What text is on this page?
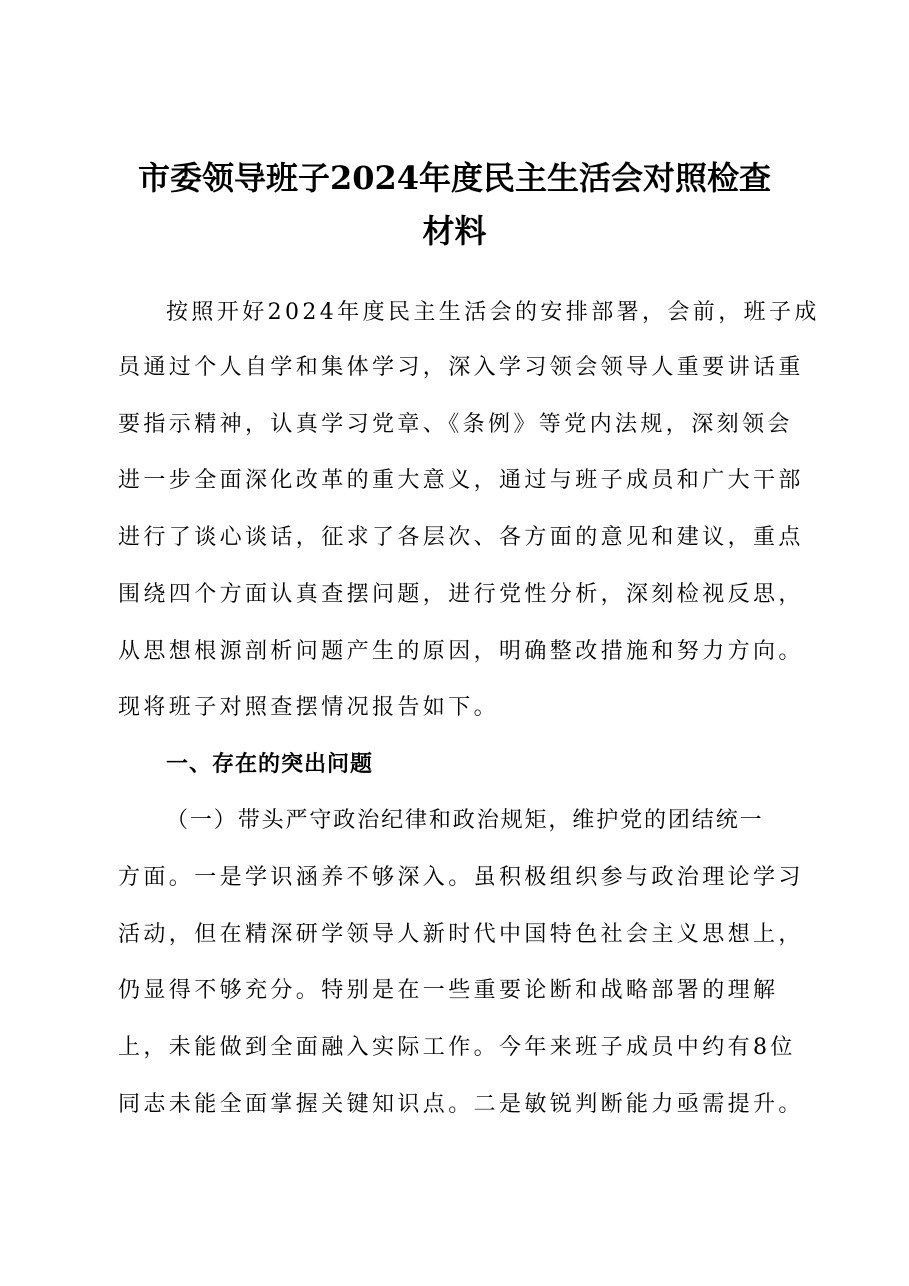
市委领导班子2024年度民主生活会对照检查
材料
按照开好2024年度民主生活会的安排部署，会前，班子成
员通过个人自学和集体学习，深入学习领会领导人重要讲话重
要指示精神，认真学习党章、《条例》等党内法规，深刻领会
进一步全面深化改革的重大意义，通过与班子成员和广大干部
进行了谈心谈话，征求了各层次、各方面的意见和建议，重点
围绕四个方面认真查摆问题，进行党性分析，深刻检视反思，
从思想根源剖析问题产生的原因，明确整改措施和努力方向。
现将班子对照查摆情况报告如下。
一、存在的突出问题
（一）带头严守政治纪律和政治规矩，维护党的团结统一
方面。一是学识涵养不够深入。虽积极组织参与政治理论学习
活动，但在精深研学领导人新时代中国特色社会主义思想上，
仍显得不够充分。特别是在一些重要论断和战略部署的理解
上，未能做到全面融入实际工作。今年来班子成员中约有8位
同志未能全面掌握关键知识点。二是敏锐判断能力亟需提升。
